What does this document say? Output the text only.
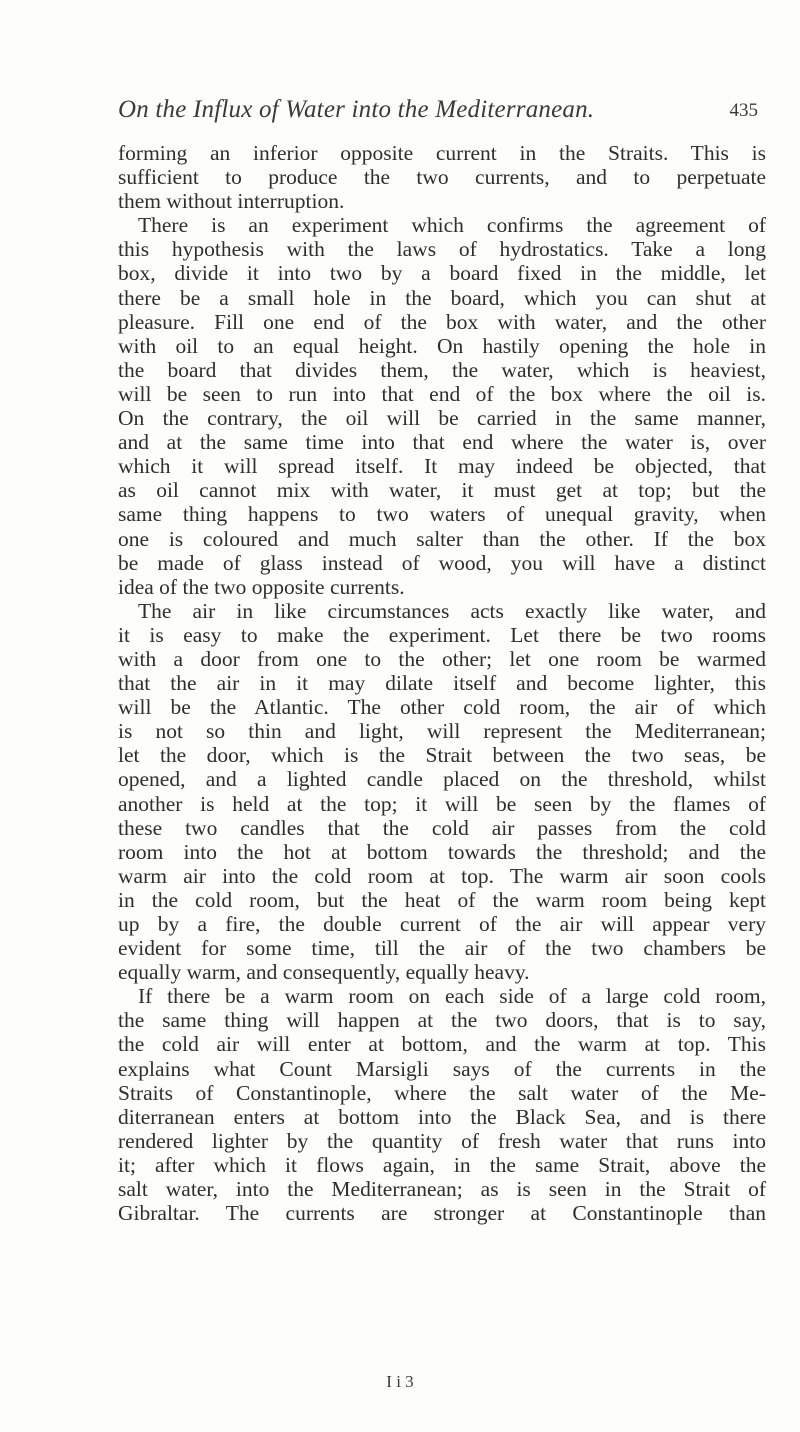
On the Influx of Water into the Mediterranean.	435
forming an inferior opposite current in the Straits. This is
sufficient to produce the two currents, and to perpetuate
them without interruption.
There is an experiment which confirms the agreement of
this hypothesis with the laws of hydrostatics. Take a long
box, divide it into two by a board fixed in the middle, let
there be a small hole in the board, which you can shut at
pleasure. Fill one end of the box with water, and the other
with oil to an equal height. On hastily opening the hole in
the board that divides them, the water, which is heaviest,
will be seen to run into that end of the box where the oil is.
On the contrary, the oil will be carried in the same manner,
and at the same time into that end where the water is, over
which it will spread itself. It may indeed be objected, that
as oil cannot mix with water, it must get at top; but the
same thing happens to two waters of unequal gravity, when
one is coloured and much salter than the other. If the box
be made of glass instead of wood, you will have a distinct
idea of the two opposite currents.
The air in like circumstances acts exactly like water, and
it is easy to make the experiment. Let there be two rooms
with a door from one to the other; let one room be warmed
that the air in it may dilate itself and become lighter, this
will be the Atlantic. The other cold room, the air of which
is not so thin and light, will represent the Mediterranean;
let the door, which is the Strait between the two seas, be
opened, and a lighted candle placed on the threshold, whilst
another is held at the top; it will be seen by the flames of
these two candles that the cold air passes from the cold
room into the hot at bottom towards the threshold; and the
warm air into the cold room at top. The warm air soon cools
in the cold room, but the heat of the warm room being kept
up by a fire, the double current of the air will appear very
evident for some time, till the air of the two chambers be
equally warm, and consequently, equally heavy.
If there be a warm room on each side of a large cold room,
the same thing will happen at the two doors, that is to say,
the cold air will enter at bottom, and the warm at top. This
explains what Count Marsigli says of the currents in the
Straits of Constantinople, where the salt water of the Me-
diterranean enters at bottom into the Black Sea, and is there
rendered lighter by the quantity of fresh water that runs into
it; after which it flows again, in the same Strait, above the
salt water, into the Mediterranean; as is seen in the Strait of
Gibraltar. The currents are stronger at Constantinople than
I i 3
